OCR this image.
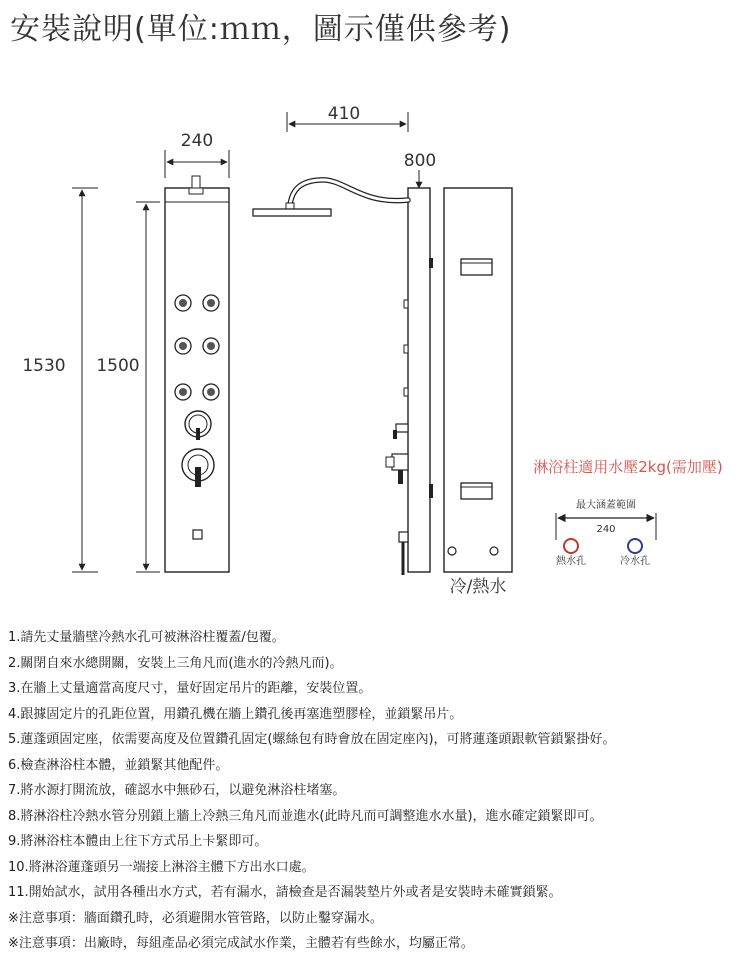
安裝說明(單位:ｍｍ，圖示僅供參考)
240
1530 1500
410
800
冷/熱水
淋浴柱適用水壓2kg(需加壓)
最大涵蓋範圍
240
熱水孔	冷水孔
1.請先丈量牆壁冷熱水孔可被淋浴柱覆蓋/包覆。
2.關閉自來水總開關，安裝上三角凡而(進水的冷熱凡而)。
3.在牆上丈量適當高度尺寸，量好固定吊片的距離，安裝位置。
4.跟據固定片的孔距位置，用鑽孔機在牆上鑽孔後再塞進塑膠栓，並鎖緊吊片。
5.蓮蓬頭固定座，依需要高度及位置鑽孔固定(螺絲包有時會放在固定座內)，可將蓮蓬頭跟軟管鎖緊掛好。
6.檢查淋浴柱本體，並鎖緊其他配件。
7.將水源打開流放，確認水中無砂石，以避免淋浴柱堵塞。
8.將淋浴柱冷熱水管分別鎖上牆上冷熱三角凡而並進水(此時凡而可調整進水水量)，進水確定鎖緊即可。
9.將淋浴柱本體由上往下方式吊上卡緊即可。
10.將淋浴蓮蓬頭另一端接上淋浴主體下方出水口處。
11.開始試水，試用各種出水方式，若有漏水，請檢查是否漏裝墊片外或者是安裝時未確實鎖緊。
※注意事項：牆面鑽孔時，必須避開水管管路，以防止鑿穿漏水。
※注意事項：出廠時，每組產品必須完成試水作業，主體若有些餘水，均屬正常。
